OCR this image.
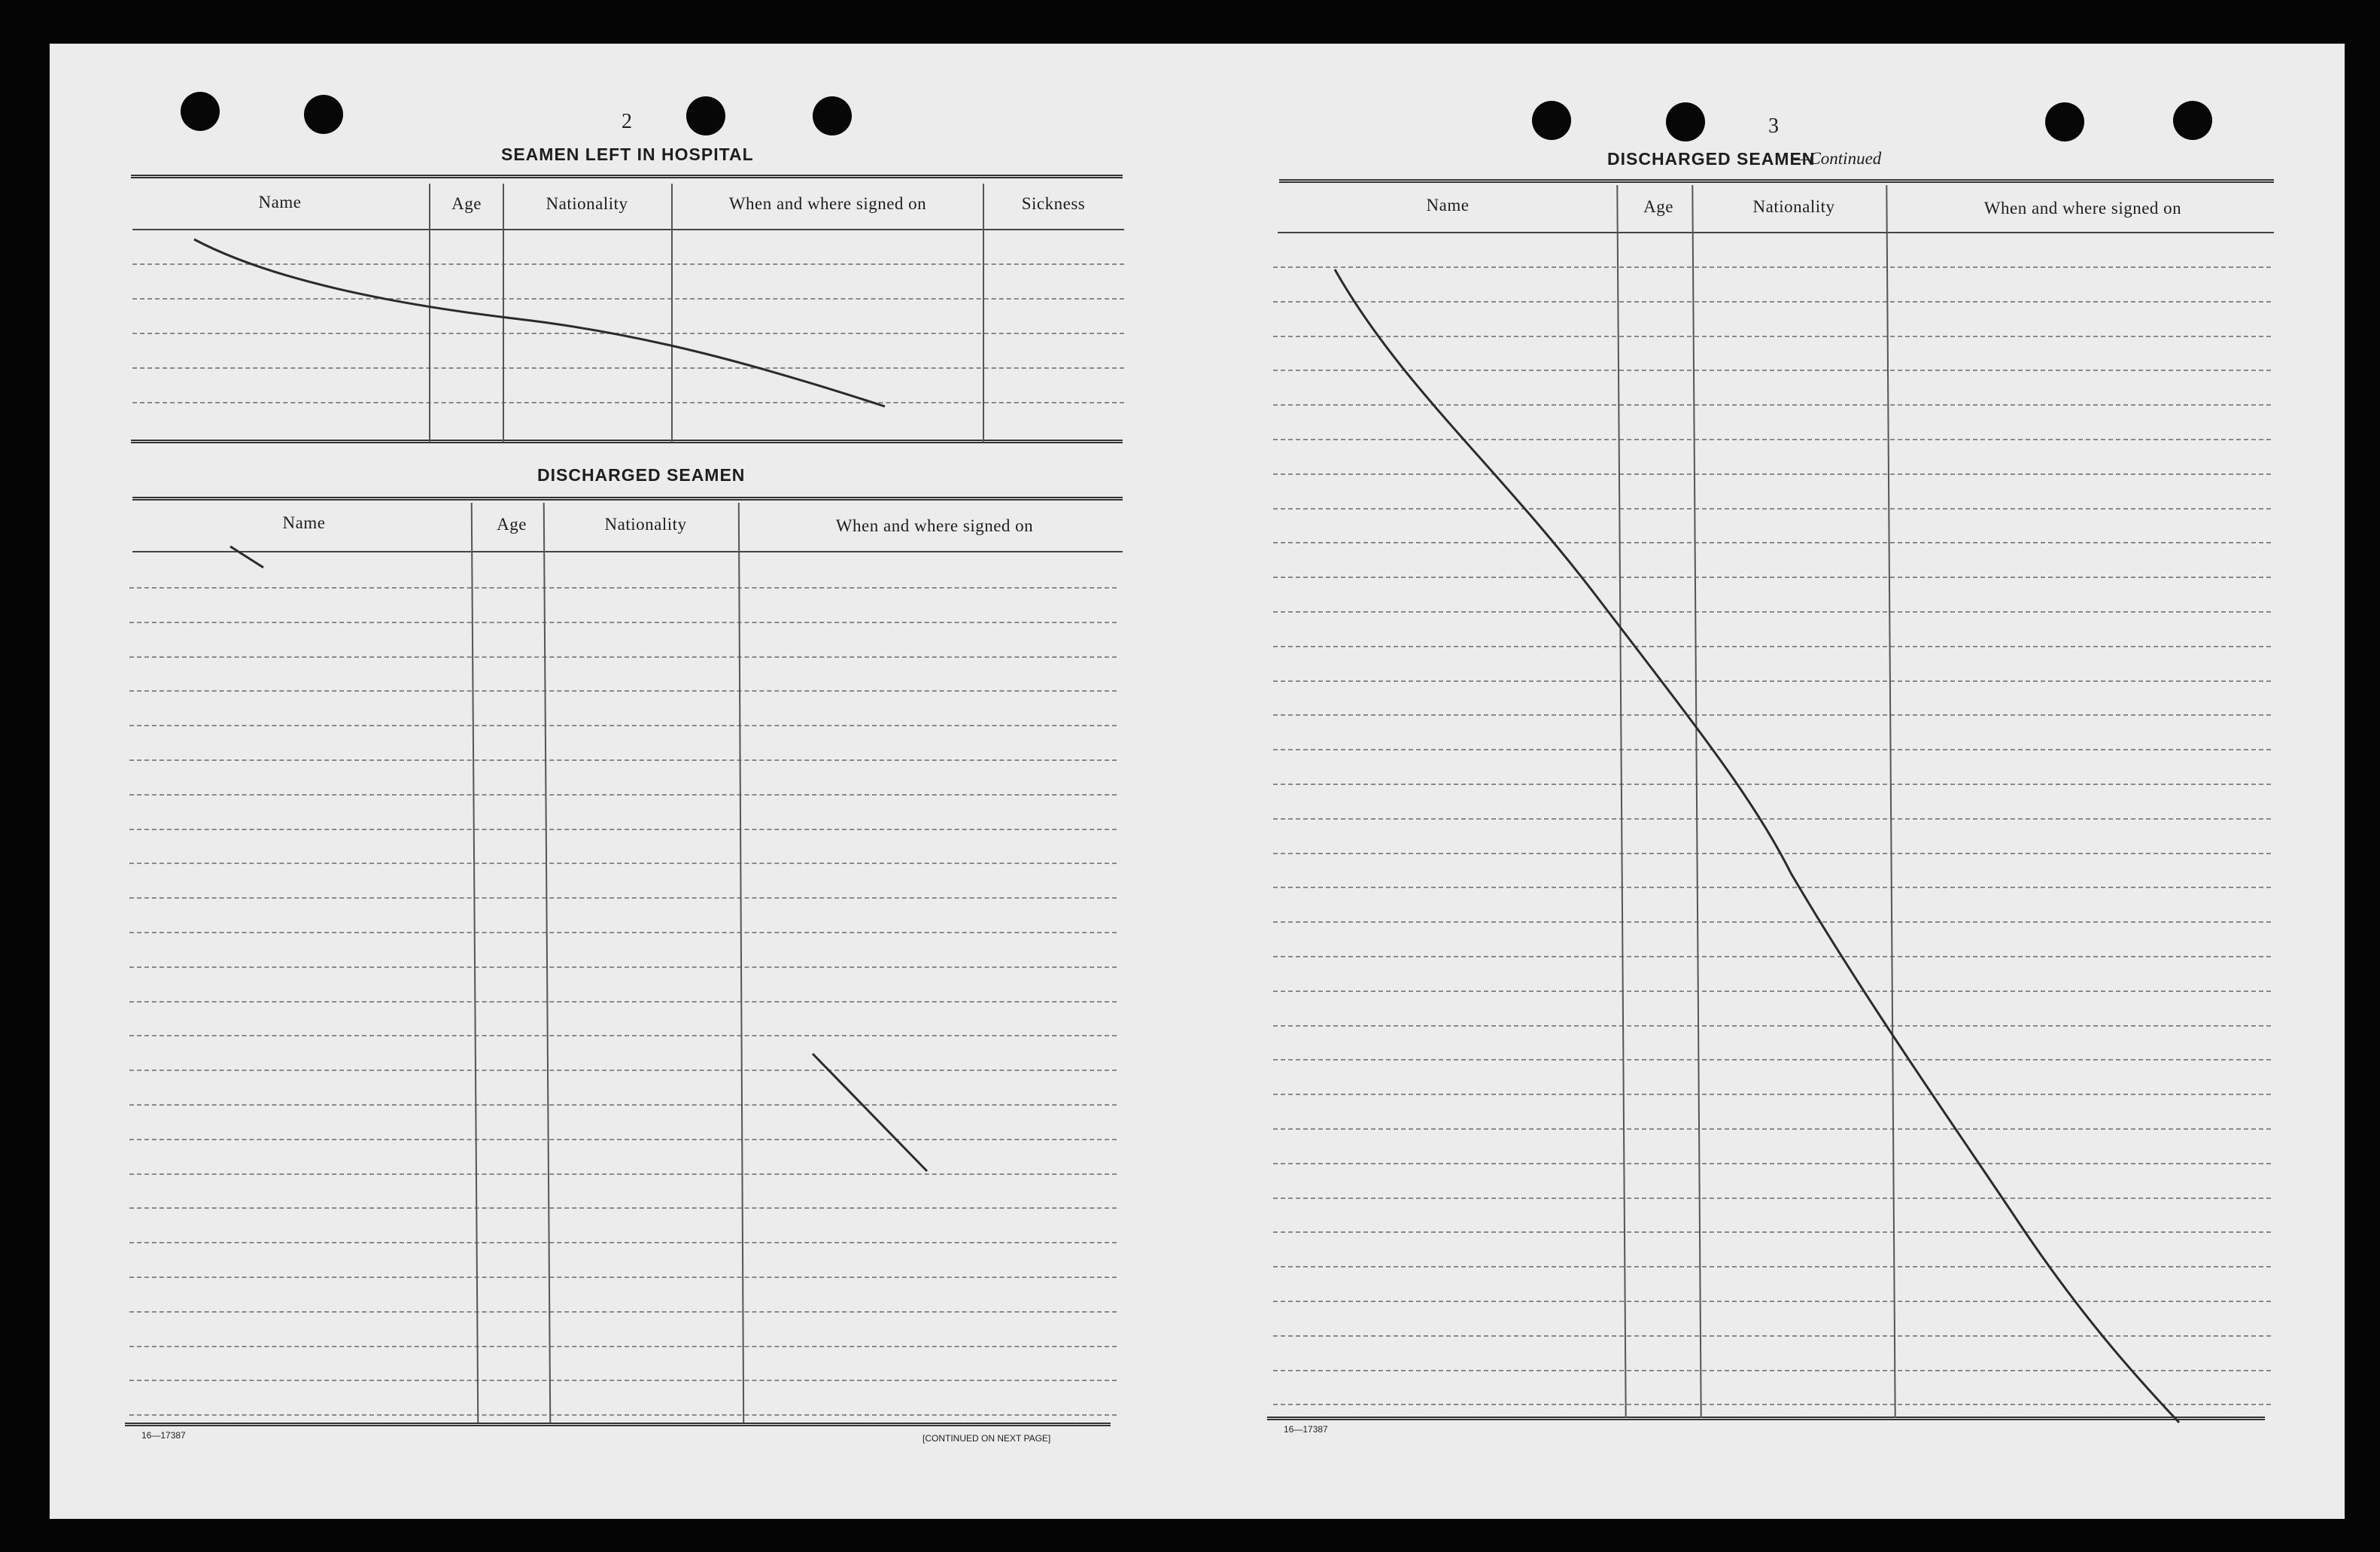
2
SEAMEN LEFT IN HOSPITAL
Name	Age	Nationality	When and where signed on	Sickness
DISCHARGED SEAMEN
Name	Age	Nationality	When and where signed on
16—17387	[CONTINUED ON NEXT PAGE]
3
DISCHARGED SEAMEN
—Continued
Name	Age	Nationality	When and where signed on
16—17387
